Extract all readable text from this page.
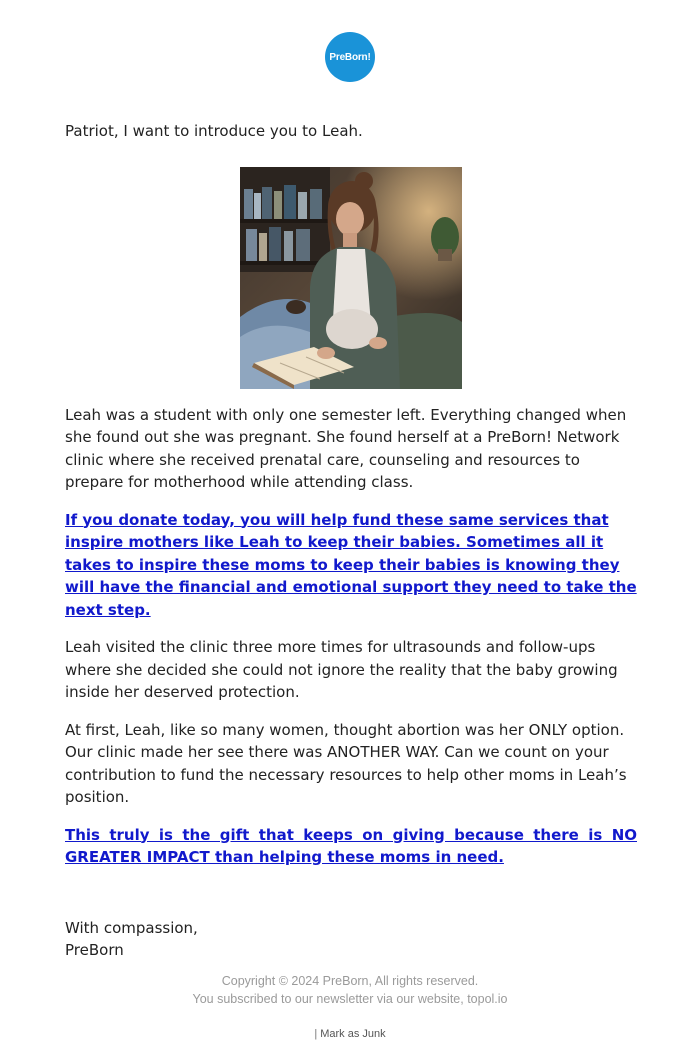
PreBorn!

Patriot, I want to introduce you to Leah.

Leah was a student with only one semester left. Everything changed when she found out she was pregnant. She found herself at a PreBorn! Network clinic where she received prenatal care, counseling and resources to prepare for motherhood while attending class.

If you donate today, you will help fund these same services that inspire mothers like Leah to keep their babies. Sometimes all it takes to inspire these moms to keep their babies is knowing they will have the financial and emotional support they need to take the next step.

Leah visited the clinic three more times for ultrasounds and follow-ups where she decided she could not ignore the reality that the baby growing inside her deserved protection.

At first, Leah, like so many women, thought abortion was her ONLY option. Our clinic made her see there was ANOTHER WAY. Can we count on your contribution to fund the necessary resources to help other moms in Leah’s position.

This truly is the gift that keeps on giving because there is NO GREATER IMPACT than helping these moms in need.
With compassion,
PreBorn
Copyright © 2024 PreBorn, All rights reserved.
You subscribed to our newsletter via our website, topol.io
| Mark as Junk
